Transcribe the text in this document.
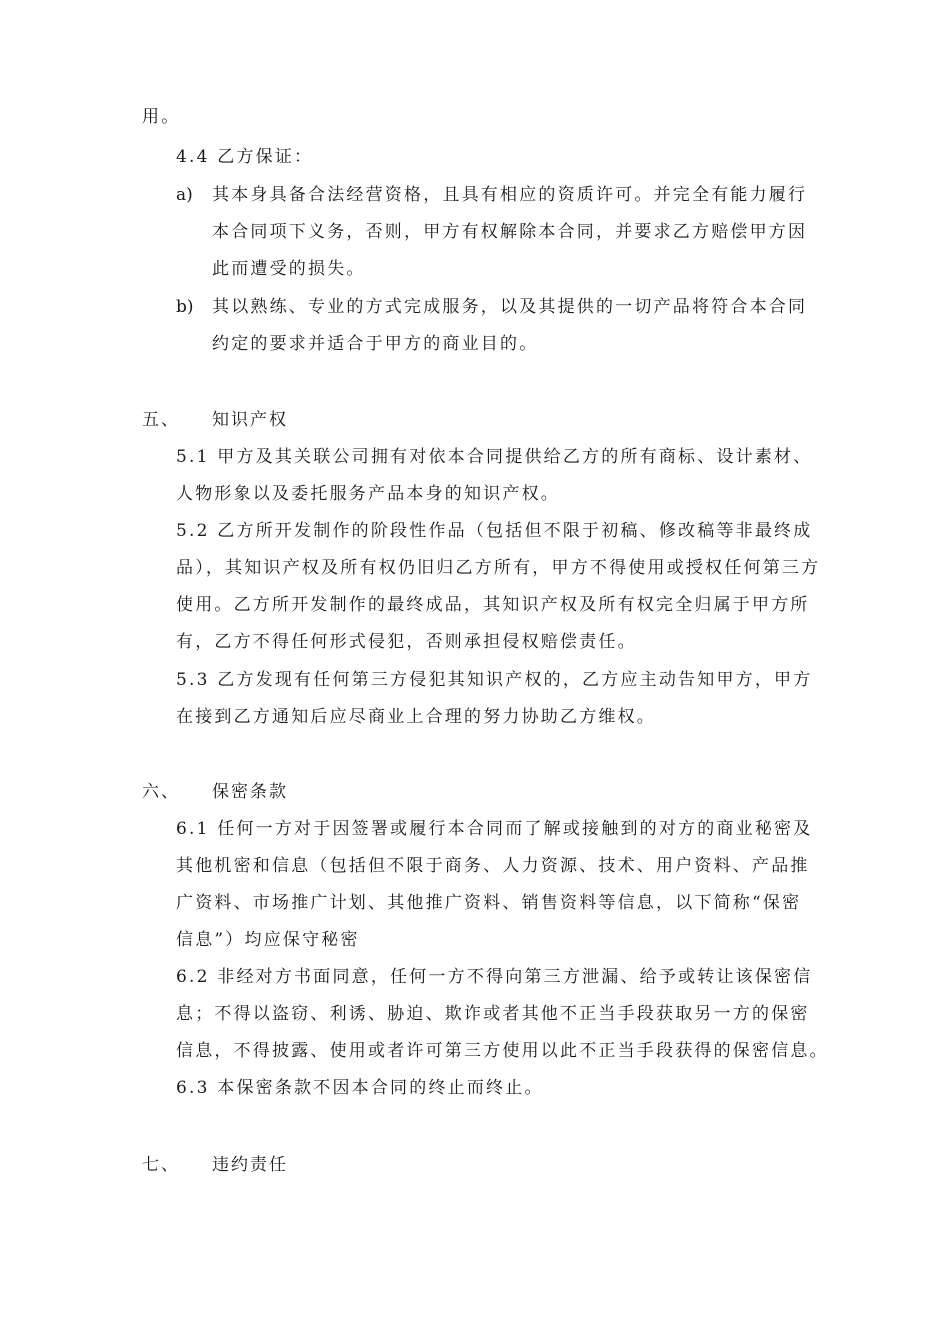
用。
4.4 乙方保证：
a) 其本身具备合法经营资格，且具有相应的资质许可。并完全有能力履行
本合同项下义务，否则，甲方有权解除本合同，并要求乙方赔偿甲方因
此而遭受的损失。
b) 其以熟练、专业的方式完成服务，以及其提供的一切产品将符合本合同
约定的要求并适合于甲方的商业目的。
五、 知识产权
5.1 甲方及其关联公司拥有对依本合同提供给乙方的所有商标、设计素材、
人物形象以及委托服务产品本身的知识产权。
5.2 乙方所开发制作的阶段性作品（包括但不限于初稿、修改稿等非最终成
品），其知识产权及所有权仍旧归乙方所有，甲方不得使用或授权任何第三方
使用。乙方所开发制作的最终成品，其知识产权及所有权完全归属于甲方所
有，乙方不得任何形式侵犯，否则承担侵权赔偿责任。
5.3 乙方发现有任何第三方侵犯其知识产权的，乙方应主动告知甲方，甲方
在接到乙方通知后应尽商业上合理的努力协助乙方维权。
六、 保密条款
6.1 任何一方对于因签署或履行本合同而了解或接触到的对方的商业秘密及
其他机密和信息（包括但不限于商务、人力资源、技术、用户资料、产品推
广资料、市场推广计划、其他推广资料、销售资料等信息，以下简称“保密
信息”）均应保守秘密
6.2 非经对方书面同意，任何一方不得向第三方泄漏、给予或转让该保密信
息；不得以盗窃、利诱、胁迫、欺诈或者其他不正当手段获取另一方的保密
信息，不得披露、使用或者许可第三方使用以此不正当手段获得的保密信息。
6.3 本保密条款不因本合同的终止而终止。
七、 违约责任
